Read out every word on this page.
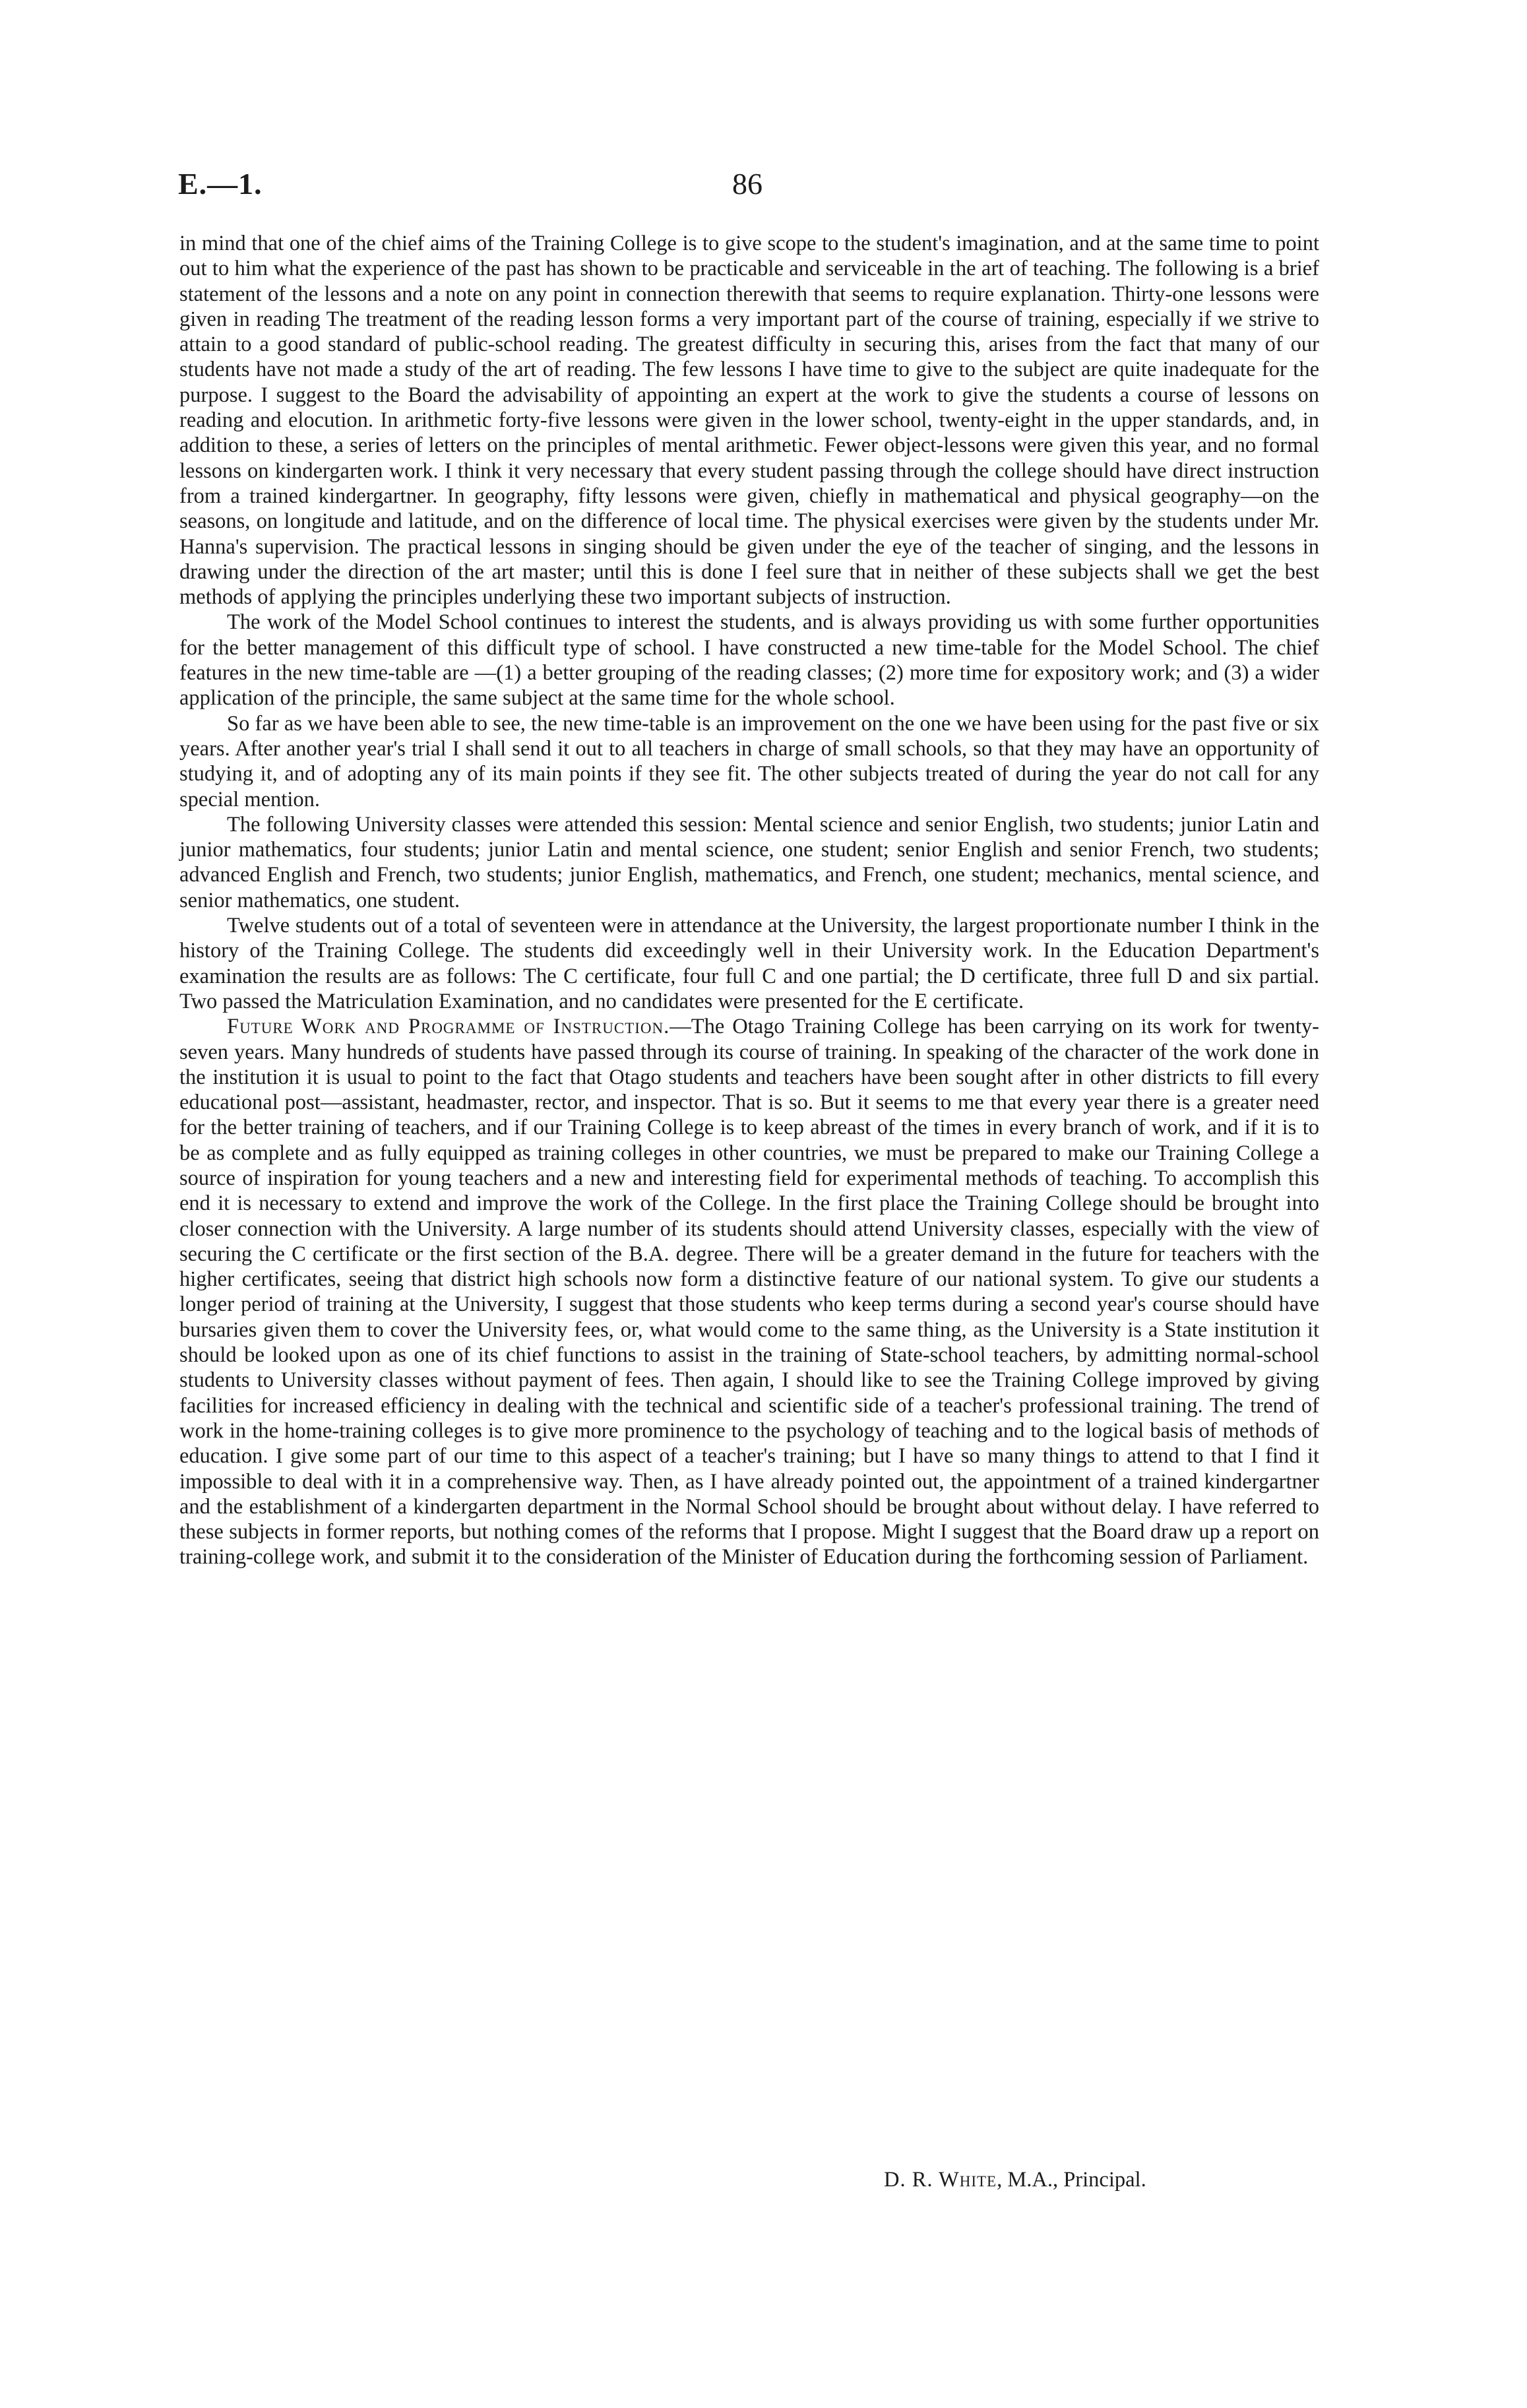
E.—1.	86

in mind that one of the chief aims of the Training College is to give scope to the student's imagination, and at the same time to point out to him what the experience of the past has shown to be practicable and serviceable in the art of teaching. The following is a brief statement of the lessons and a note on any point in connection therewith that seems to require explanation. Thirty-one lessons were given in reading The treatment of the reading lesson forms a very important part of the course of training, especially if we strive to attain to a good standard of public-school reading. The greatest difficulty in securing this, arises from the fact that many of our students have not made a study of the art of reading. The few lessons I have time to give to the subject are quite inadequate for the purpose. I suggest to the Board the advisability of appointing an expert at the work to give the students a course of lessons on reading and elocution. In arithmetic forty-five lessons were given in the lower school, twenty-eight in the upper standards, and, in addition to these, a series of letters on the principles of mental arithmetic. Fewer object-lessons were given this year, and no formal lessons on kindergarten work. I think it very necessary that every student passing through the college should have direct instruction from a trained kindergartner. In geography, fifty lessons were given, chiefly in mathematical and physical geography—on the seasons, on longitude and latitude, and on the difference of local time. The physical exercises were given by the students under Mr. Hanna's supervision. The practical lessons in singing should be given under the eye of the teacher of singing, and the lessons in drawing under the direction of the art master; until this is done I feel sure that in neither of these subjects shall we get the best methods of applying the principles underlying these two important subjects of instruction.

The work of the Model School continues to interest the students, and is always providing us with some further opportunities for the better management of this difficult type of school. I have constructed a new time-table for the Model School. The chief features in the new time-table are —(1) a better grouping of the reading classes; (2) more time for expository work; and (3) a wider application of the principle, the same subject at the same time for the whole school.

So far as we have been able to see, the new time-table is an improvement on the one we have been using for the past five or six years. After another year's trial I shall send it out to all teachers in charge of small schools, so that they may have an opportunity of studying it, and of adopting any of its main points if they see fit. The other subjects treated of during the year do not call for any special mention.

The following University classes were attended this session: Mental science and senior English, two students; junior Latin and junior mathematics, four students; junior Latin and mental science, one student; senior English and senior French, two students; advanced English and French, two students; junior English, mathematics, and French, one student; mechanics, mental science, and senior mathematics, one student.

Twelve students out of a total of seventeen were in attendance at the University, the largest proportionate number I think in the history of the Training College. The students did exceedingly well in their University work. In the Education Department's examination the results are as follows: The C certificate, four full C and one partial; the D certificate, three full D and six partial. Two passed the Matriculation Examination, and no candidates were presented for the E certificate.

Future Work and Programme of Instruction.—The Otago Training College has been carrying on its work for twenty-seven years. Many hundreds of students have passed through its course of training. In speaking of the character of the work done in the institution it is usual to point to the fact that Otago students and teachers have been sought after in other districts to fill every educational post—assistant, headmaster, rector, and inspector. That is so. But it seems to me that every year there is a greater need for the better training of teachers, and if our Training College is to keep abreast of the times in every branch of work, and if it is to be as complete and as fully equipped as training colleges in other countries, we must be prepared to make our Training College a source of inspiration for young teachers and a new and interesting field for experimental methods of teaching. To accomplish this end it is necessary to extend and improve the work of the College. In the first place the Training College should be brought into closer connection with the University. A large number of its students should attend University classes, especially with the view of securing the C certificate or the first section of the B.A. degree. There will be a greater demand in the future for teachers with the higher certificates, seeing that district high schools now form a distinctive feature of our national system. To give our students a longer period of training at the University, I suggest that those students who keep terms during a second year's course should have bursaries given them to cover the University fees, or, what would come to the same thing, as the University is a State institution it should be looked upon as one of its chief functions to assist in the training of State-school teachers, by admitting normal-school students to University classes without payment of fees. Then again, I should like to see the Training College improved by giving facilities for increased efficiency in dealing with the technical and scientific side of a teacher's professional training. The trend of work in the home-training colleges is to give more prominence to the psychology of teaching and to the logical basis of methods of education. I give some part of our time to this aspect of a teacher's training; but I have so many things to attend to that I find it impossible to deal with it in a comprehensive way. Then, as I have already pointed out, the appointment of a trained kindergartner and the establishment of a kindergarten department in the Normal School should be brought about without delay. I have referred to these subjects in former reports, but nothing comes of the reforms that I propose. Might I suggest that the Board draw up a report on training-college work, and submit it to the consideration of the Minister of Education during the forthcoming session of Parliament.

D. R. White, M.A., Principal.
